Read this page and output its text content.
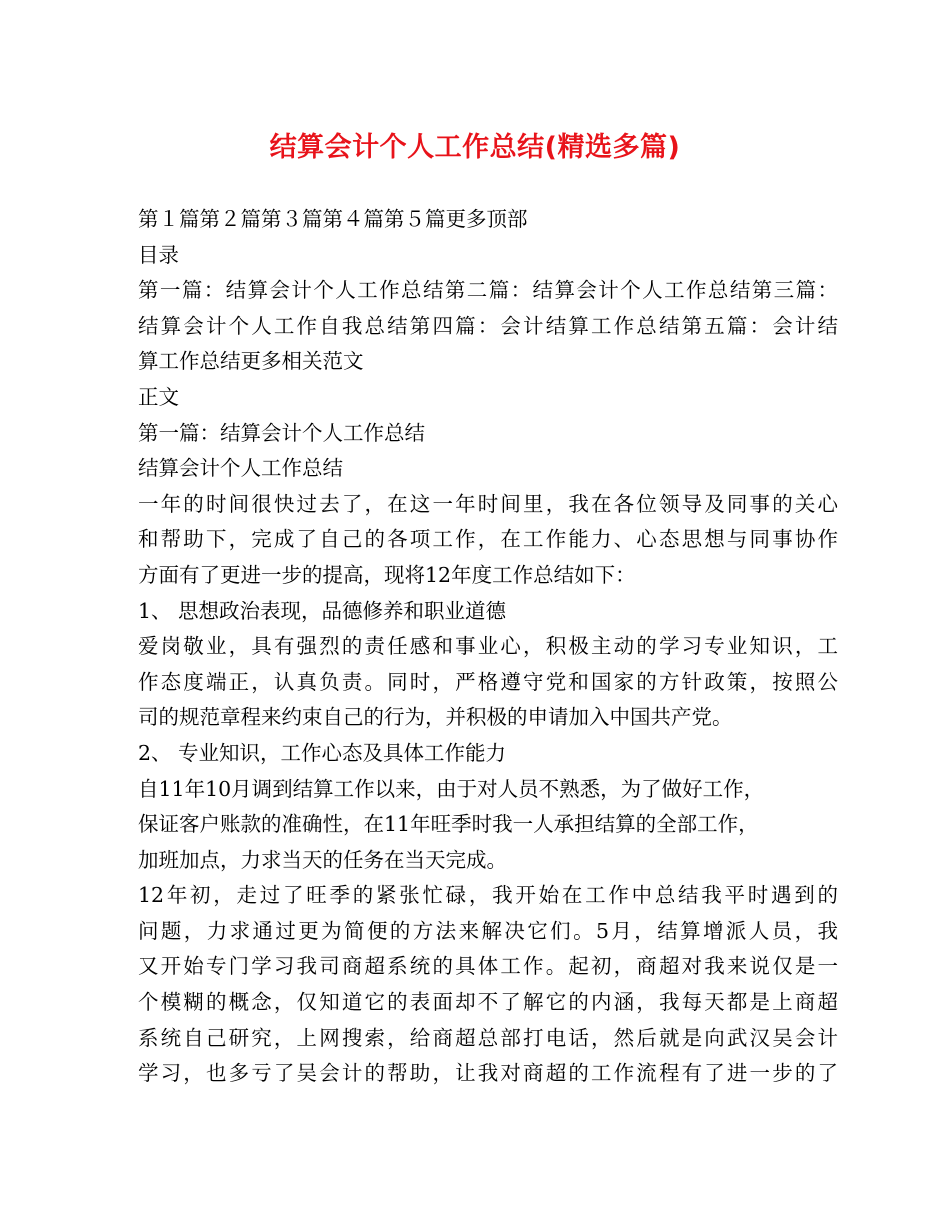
结算会计个人工作总结(精选多篇)
第１篇第２篇第３篇第４篇第５篇更多顶部
目录
第一篇：结算会计个人工作总结第二篇：结算会计个人工作总结第三篇：
结算会计个人工作自我总结第四篇：会计结算工作总结第五篇：会计结
算工作总结更多相关范文
正文
第一篇：结算会计个人工作总结
结算会计个人工作总结
一年的时间很快过去了，在这一年时间里，我在各位领导及同事的关心
和帮助下，完成了自己的各项工作，在工作能力、心态思想与同事协作
方面有了更进一步的提高，现将12年度工作总结如下：
1、 思想政治表现，品德修养和职业道德
爱岗敬业，具有强烈的责任感和事业心，积极主动的学习专业知识，工
作态度端正，认真负责。同时，严格遵守党和国家的方针政策，按照公
司的规范章程来约束自己的行为，并积极的申请加入中国共产党。
2、 专业知识，工作心态及具体工作能力
自11年10月调到结算工作以来，由于对人员不熟悉，为了做好工作，
保证客户账款的准确性，在11年旺季时我一人承担结算的全部工作，
加班加点，力求当天的任务在当天完成。
12年初，走过了旺季的紧张忙碌，我开始在工作中总结我平时遇到的
问题，力求通过更为简便的方法来解决它们。5月，结算增派人员，我
又开始专门学习我司商超系统的具体工作。起初，商超对我来说仅是一
个模糊的概念，仅知道它的表面却不了解它的内涵，我每天都是上商超
系统自己研究，上网搜索，给商超总部打电话，然后就是向武汉吴会计
学习，也多亏了吴会计的帮助，让我对商超的工作流程有了进一步的了
